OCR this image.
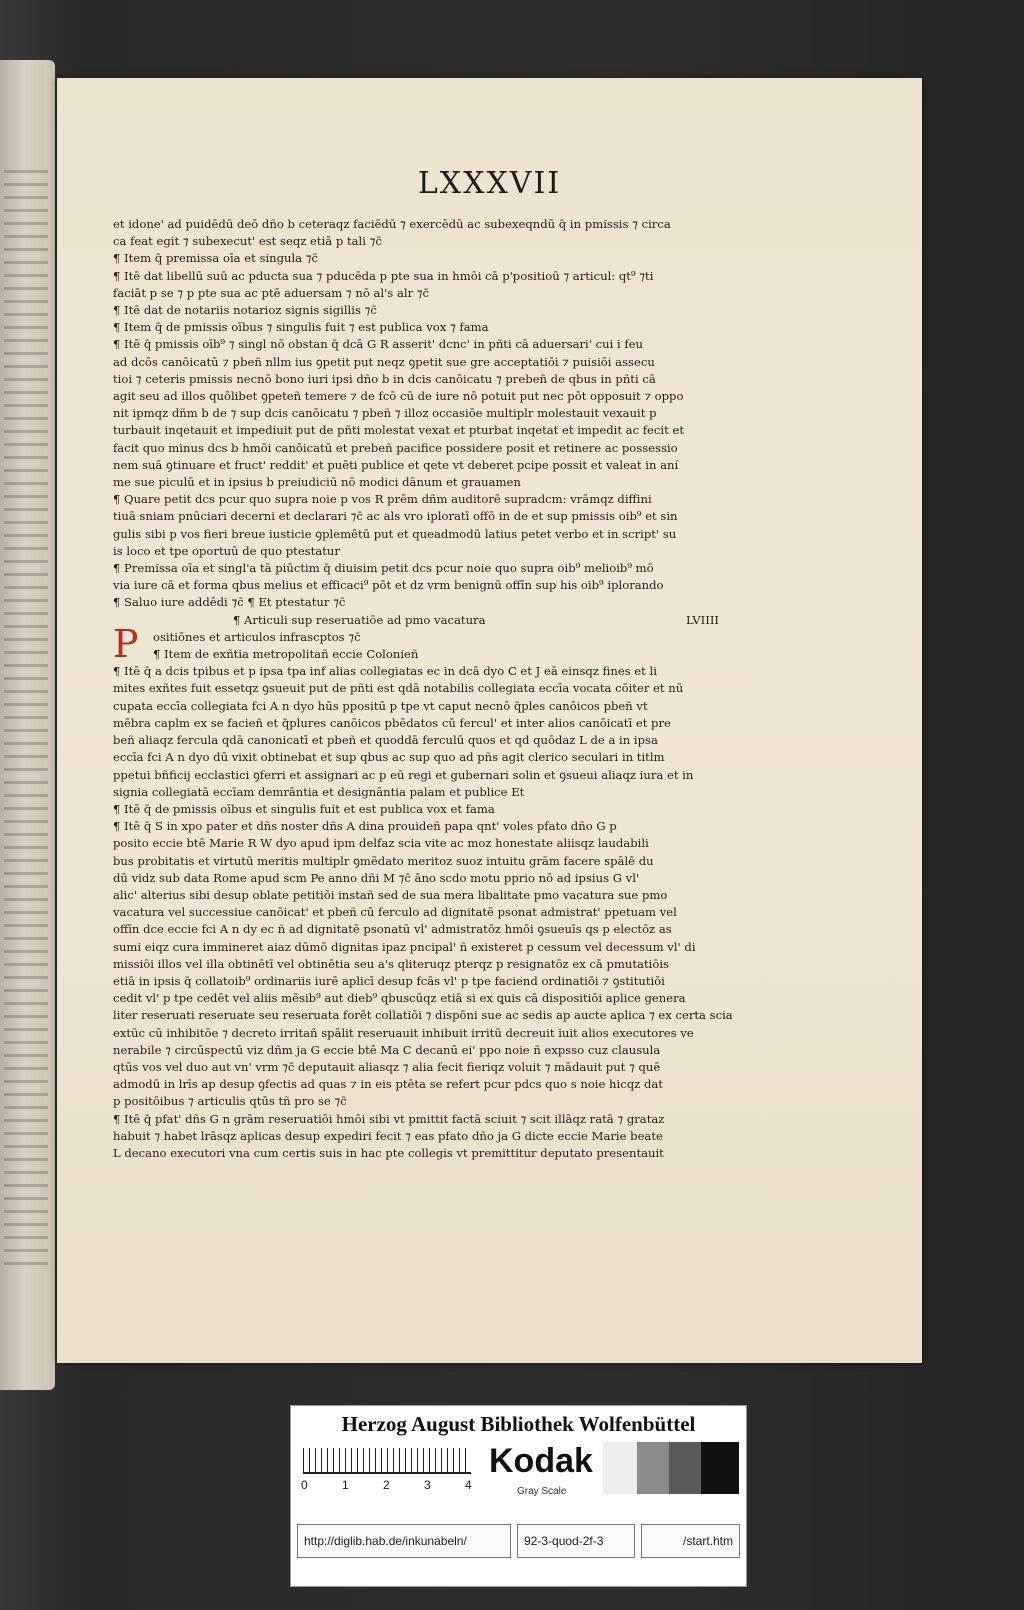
LXXXVII

et idone' ad puidēdū deō dño b ceteraqz faciēdū ⁊ exercēdū ac subexeqndū q̄ in pmissis ⁊ circa

ca feat egit ⁊ subexecut' est seqz etiā p tali ⁊c̄

¶ Item q̄ premissa oīa et singula ⁊c̄

¶ Itē dat libellū suū ac pducta sua ⁊ pducēda p pte sua in hmōi cā p'positioū ⁊ articul: qt⁹ ⁊ti

faciāt p se ⁊ p pte sua ac ptē aduersam ⁊ nō al's alr ⁊c̄

¶ Itē dat de notariis notarioz signis sigillis ⁊c̄

¶ Item q̄ de pmissis oībus ⁊ singulis fuit ⁊ est publica vox ⁊ fama

¶ Itē q̄ pmissis oīb⁹ ⁊ singl nō obstan q̄ dcā G R asserit' dcnc' in pñti cā aduersari' cui i feu

ad dcōs canōicatū ⁊ pbeñ nllm ius ꝯpetit put neqz ꝯpetit sue gre acceptatiōi ⁊ puisiōi assecu

tioi ⁊ ceteris pmissis necnō bono iuri ipsi dño b in dcis canōicatu ⁊ prebeñ de qbus in pñti cā

agit seu ad illos quōlibet ꝯpeteñ temere ⁊ de fcō cū de iure nō potuit put nec pōt opposuit ⁊ oppo

nit ipmqz dñm b de ⁊ sup dcis canōicatu ⁊ pbeñ ⁊ illoz occasiōe multiplr molestauit vexauit p

turbauit inqetauit et impediuit put de pñti molestat vexat et pturbat inqetat et impedit ac fecit et

facit quo minus dcs b hmōi canōicatū et prebeñ pacifice possidere posit et retinere ac possessio

nem suā ꝯtinuare et fruct' reddit' et puēti publice et qete vt deberet pcipe possit et valeat in aní

me sue piculū et in ipsius b preiudiciū nō modici dānum et grauamen

¶ Quare petit dcs pcur quo supra noie p vos R prēm dñm auditorē supradcm: vrāmqz diffini

tiuā sniam pnūciari decerni et declarari ⁊c̄ ac als vro iploratī offō in de et sup pmissis oib⁹ et sin

gulis sibi p vos fieri breue iusticie ꝯplemētū put et queadmodū latius petet verbo et in script' su

is loco et tpe oportuū de quo ptestatur

¶ Premissa oīa et singl'a tā piūctim q̄ diuisim petit dcs pcur noie quo supra oib⁹ melioib⁹ mō

via iure cā et forma qbus melius et efficaci⁹ pōt et dz vrm benignū offīn sup his oib⁹ iplorando

¶ Saluo iure addēdi ⁊c̄ ¶ Et ptestatur ⁊c̄

¶ Articuli sup reseruatiōe ad pmo vacatura	LVIIII

P ositiōnes et articulos infrascptos ⁊c̄

¶ Item de exñtia metropolitañ eccie Colonieñ

¶ Itē q̄ a dcis tpibus et p ipsa tpa inf alias collegiatas ec in dcā dyo C et J eā einsqz fines et li

mites exñtes fuit essetqz ꝯsueuit put de pñti est qdā notabilis collegiata eccīa vocata cōiter et nū

cupata eccīa collegiata fci A n dyo hūs ppositū p tpe vt caput necnō q̄ples canōicos pbeñ vt

mēbra caplm ex se facieñ et q̄plures canōicos pbēdatos cū fercul' et inter alios canōicatī et pre

beñ aliaqz fercula qdā canonicatī et pbeñ et quoddā ferculū quos et qd quōdaz L de a in ipsa

eccīa fci A n dyo dū vixit obtinebat et sup qbus ac sup quo ad pñs agit clerico seculari in titlm

ppetui bñficij ecclastici ꝯferri et assignari ac p eū regi et gubernari solin et ꝯsueui aliaqz iura et in

signia collegiatā eccīam demrāntia et designāntia palam et publice Et

¶ Itē q̄ de pmissis oībus et singulis fuit et est publica vox et fama

¶ Itē q̄ S in xpo pater et dñs noster dñs A dina prouideñ papa qnt' voles pfato dño G p

posito eccie btē Marie R W dyo apud ipm delfaz scia vite ac moz honestate aliisqz laudabili

bus probitatis et virtutū meritis multiplr ꝯmēdato meritoz suoz intuitu grām facere spālē du

dū vidz sub data Rome apud scm Pe anno dñi M ⁊c̄ āno scdo motu pprio nō ad ipsius G vl'

alic' alterius sibi desup oblate petitiōi instañ sed de sua mera libalitate pmo vacatura sue pmo

vacatura vel successiue canōicat' et pbeñ cū ferculo ad dignitatē psonat admistrat' ppetuam vel

offīn dce eccie fci A n dy ec ñ ad dignitatē psonatū vl' admistratōz hmōi ꝯsueuīs qs p electōz as

sumi eiqz cura immineret aiaz dūmō dignitas ipaz pncipal' ñ existeret p cessum vel decessum vl' di

missiōi illos vel illa obtinētī vel obtinētia seu a's qliteruqz pterqz p resignatōz ex cā pmutatiōis

etiā in ipsis q̄ collatoib⁹ ordinariis iurē aplicī desup fcās vl' p tpe faciend ordinatiōi ⁊ ꝯstitutiōi

cedit vl' p tpe cedēt vel aliis mēsib⁹ aut dieb⁹ qbuscūqz etiā si ex ꝗuis cā dispositiōi aplice genera

liter reseruati reseruate seu reseruata forēt collatiōi ⁊ dispōni sue ac sedis ap aucte aplica ⁊ ex certa scia

extūc cū inhibitōe ⁊ decreto irritañ spālit reseruauit inhibuit irritū decreuit iuit alios executores ve

nerabile ⁊ circūspectū viz dñm ja G eccie btē Ma C decanū ei' ppo noie ñ expsso cuz clausula

qtūs vos vel duo aut vn' vrm ⁊c̄ deputauit aliasqz ⁊ alia fecit fieriqz voluit ⁊ mādauit put ⁊ quē

admodū in lrīs ap desup ꝯfectis ad quas ⁊ in eis ptēta se refert pcur pdcs quo s noie hicqz dat

p positōibus ⁊ articulis qtūs tñ pro se ⁊c̄

¶ Itē q̄ pfat' dñs G n grām reseruatiōi hmōi sibi vt pmittit factā sciuit ⁊ scit illāqz ratā ⁊ grataz

habuit ⁊ habet lrāsqz aplicas desup expediri fecit ⁊ eas pfato dño ja G dicte eccie Marie beate

L decano executori vna cum certis suis in hac pte collegis vt premittitur deputato presentauit

Herzog August Bibliothek Wolfenbüttel
0	1	2	3	4
Kodak
Gray Scale
http://diglib.hab.de/inkunabeln/	92-3-quod-2f-3	/start.htm
